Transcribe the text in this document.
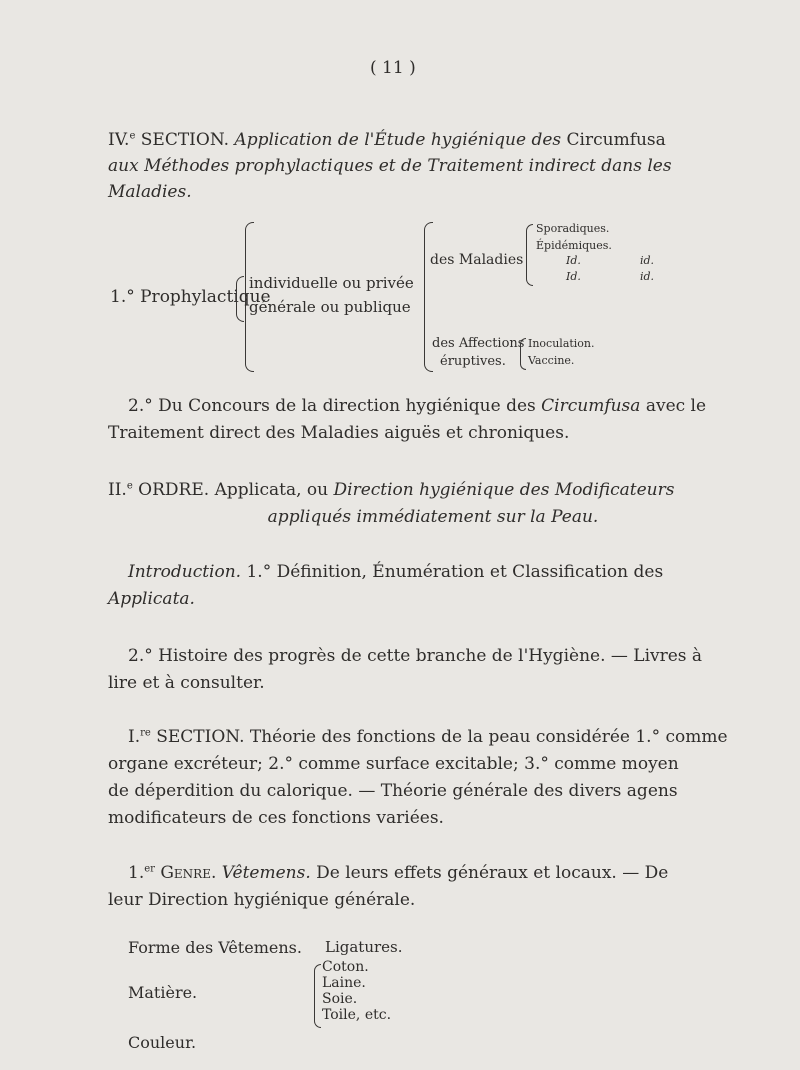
( 11 )
IV.$^e$ SECTION. Application de l'Étude hygiénique des Circumfusa
aux Méthodes prophylactiques et de Traitement indirect dans les
Maladies.
1.° Prophylactique
individuelle ou privée
générale ou publique
des Maladies
Sporadiques.
Épidémiques.
Id.	id.
Id.	id.
des Affections
éruptives.
Inoculation.
Vaccine.
2.° Du Concours de la direction hygiénique des Circumfusa avec le
Traitement direct des Maladies aiguës et chroniques.
II.$^e$ ORDRE. Applicata, ou Direction hygiénique des Modificateurs
appliqués immédiatement sur la Peau.
Introduction. 1.° Définition, Énumération et Classification des
Applicata.
2.° Histoire des progrès de cette branche de l'Hygiène. — Livres à
lire et à consulter.
I.$^{re}$ SECTION. Théorie des fonctions de la peau considérée 1.° comme
organe excréteur; 2.° comme surface excitable; 3.° comme moyen
de déperdition du calorique. — Théorie générale des divers agens
modificateurs de ces fonctions variées.
1.$^{er}$ Genre. Vêtemens. De leurs effets généraux et locaux. — De
leur Direction hygiénique générale.
Forme des Vêtemens. Ligatures.
Matière.
Coton.
Laine.
Soie.
Toile, etc.
Couleur.
